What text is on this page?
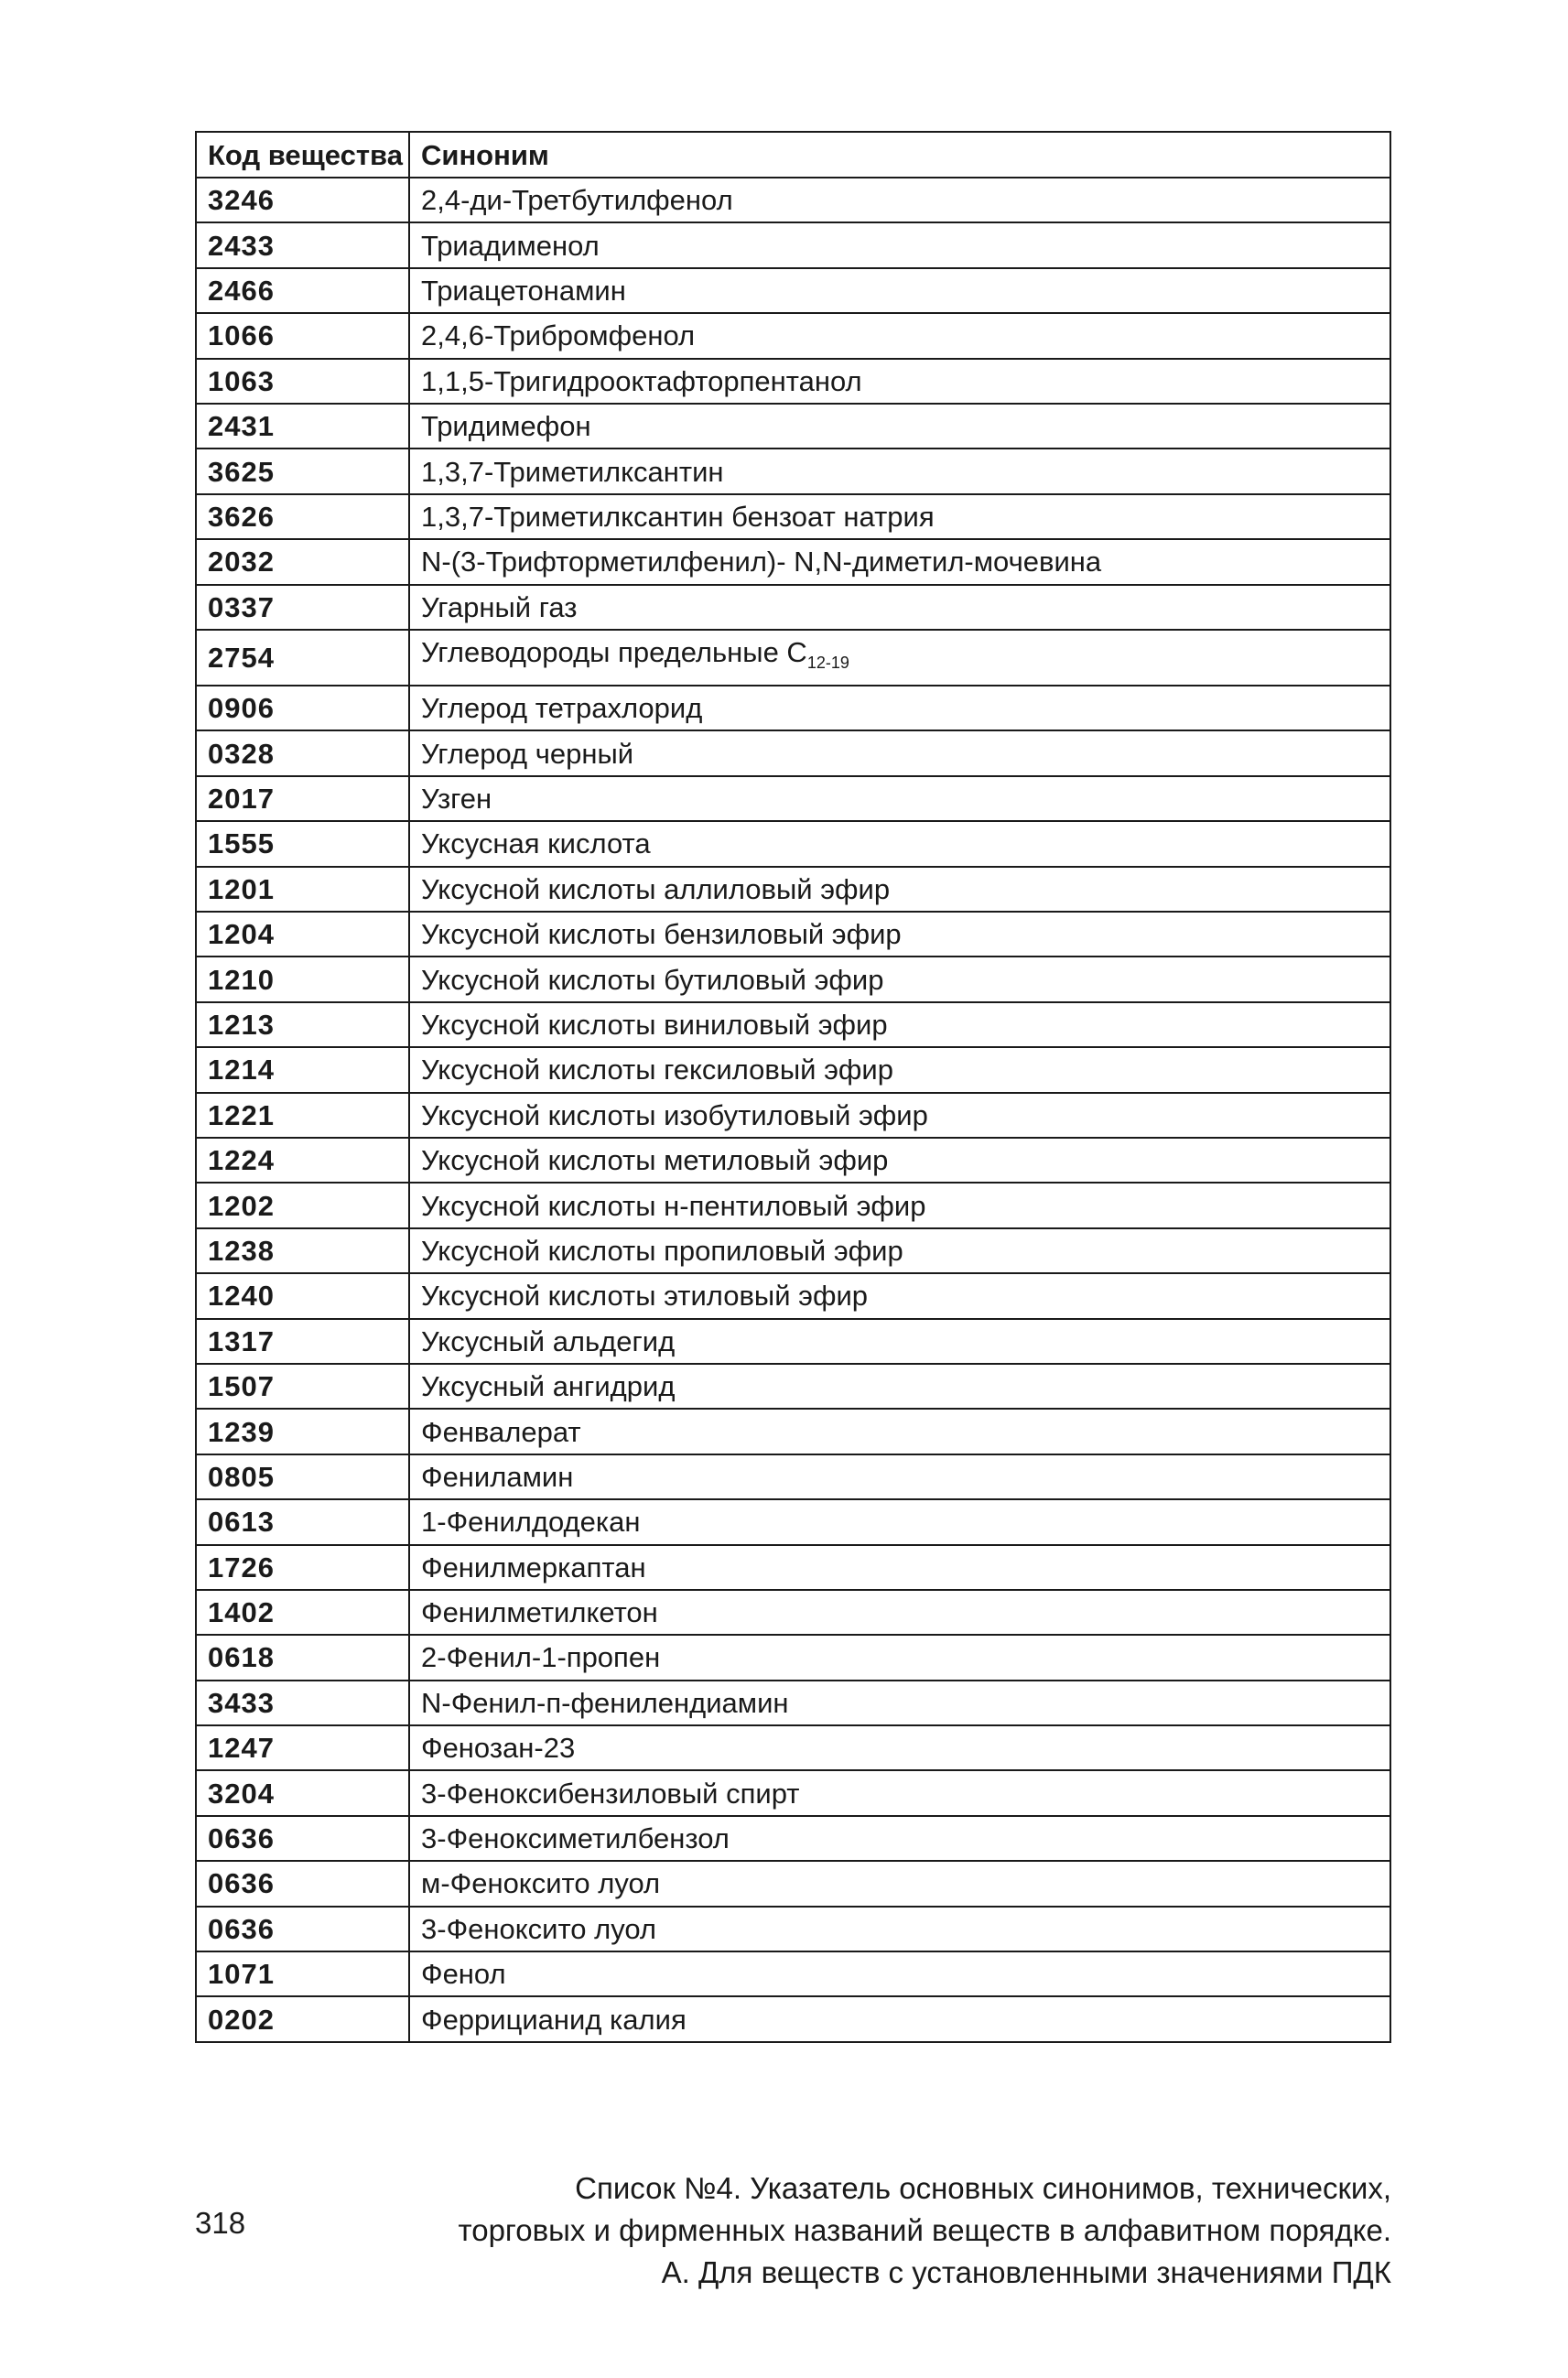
Код вещества	Синоним
3246	2,4-ди-Третбутилфенол
2433	Триадименол
2466	Триацетонамин
1066	2,4,6-Трибромфенол
1063	1,1,5-Тригидрооктафторпентанол
2431	Тридимефон
3625	1,3,7-Триметилксантин
3626	1,3,7-Триметилксантин бензоат натрия
2032	N-(3-Трифторметилфенил)- N,N-диметил-мочевина
0337	Угарный газ
2754	Углеводороды предельные $C_{12-19}$
0906	Углерод тетрахлорид
0328	Углерод черный
2017	Узген
1555	Уксусная кислота
1201	Уксусной кислоты аллиловый эфир
1204	Уксусной кислоты бензиловый эфир
1210	Уксусной кислоты бутиловый эфир
1213	Уксусной кислоты виниловый эфир
1214	Уксусной кислоты гексиловый эфир
1221	Уксусной кислоты изобутиловый эфир
1224	Уксусной кислоты метиловый эфир
1202	Уксусной кислоты н-пентиловый эфир
1238	Уксусной кислоты пропиловый эфир
1240	Уксусной кислоты этиловый эфир
1317	Уксусный альдегид
1507	Уксусный ангидрид
1239	Фенвалерат
0805	Фениламин
0613	1-Фенилдодекан
1726	Фенилмеркаптан
1402	Фенилметилкетон
0618	2-Фенил-1-пропен
3433	N-Фенил-п-фенилендиамин
1247	Фенозан-23
3204	3-Феноксибензиловый спирт
0636	3-Феноксиметилбензол
0636	м-Феноксито луол
0636	3-Феноксито луол
1071	Фенол
0202	Феррицианид калия
318
Список №4. Указатель основных синонимов, технических,
торговых и фирменных названий веществ в алфавитном порядке.
А. Для веществ с установленными значениями ПДК
